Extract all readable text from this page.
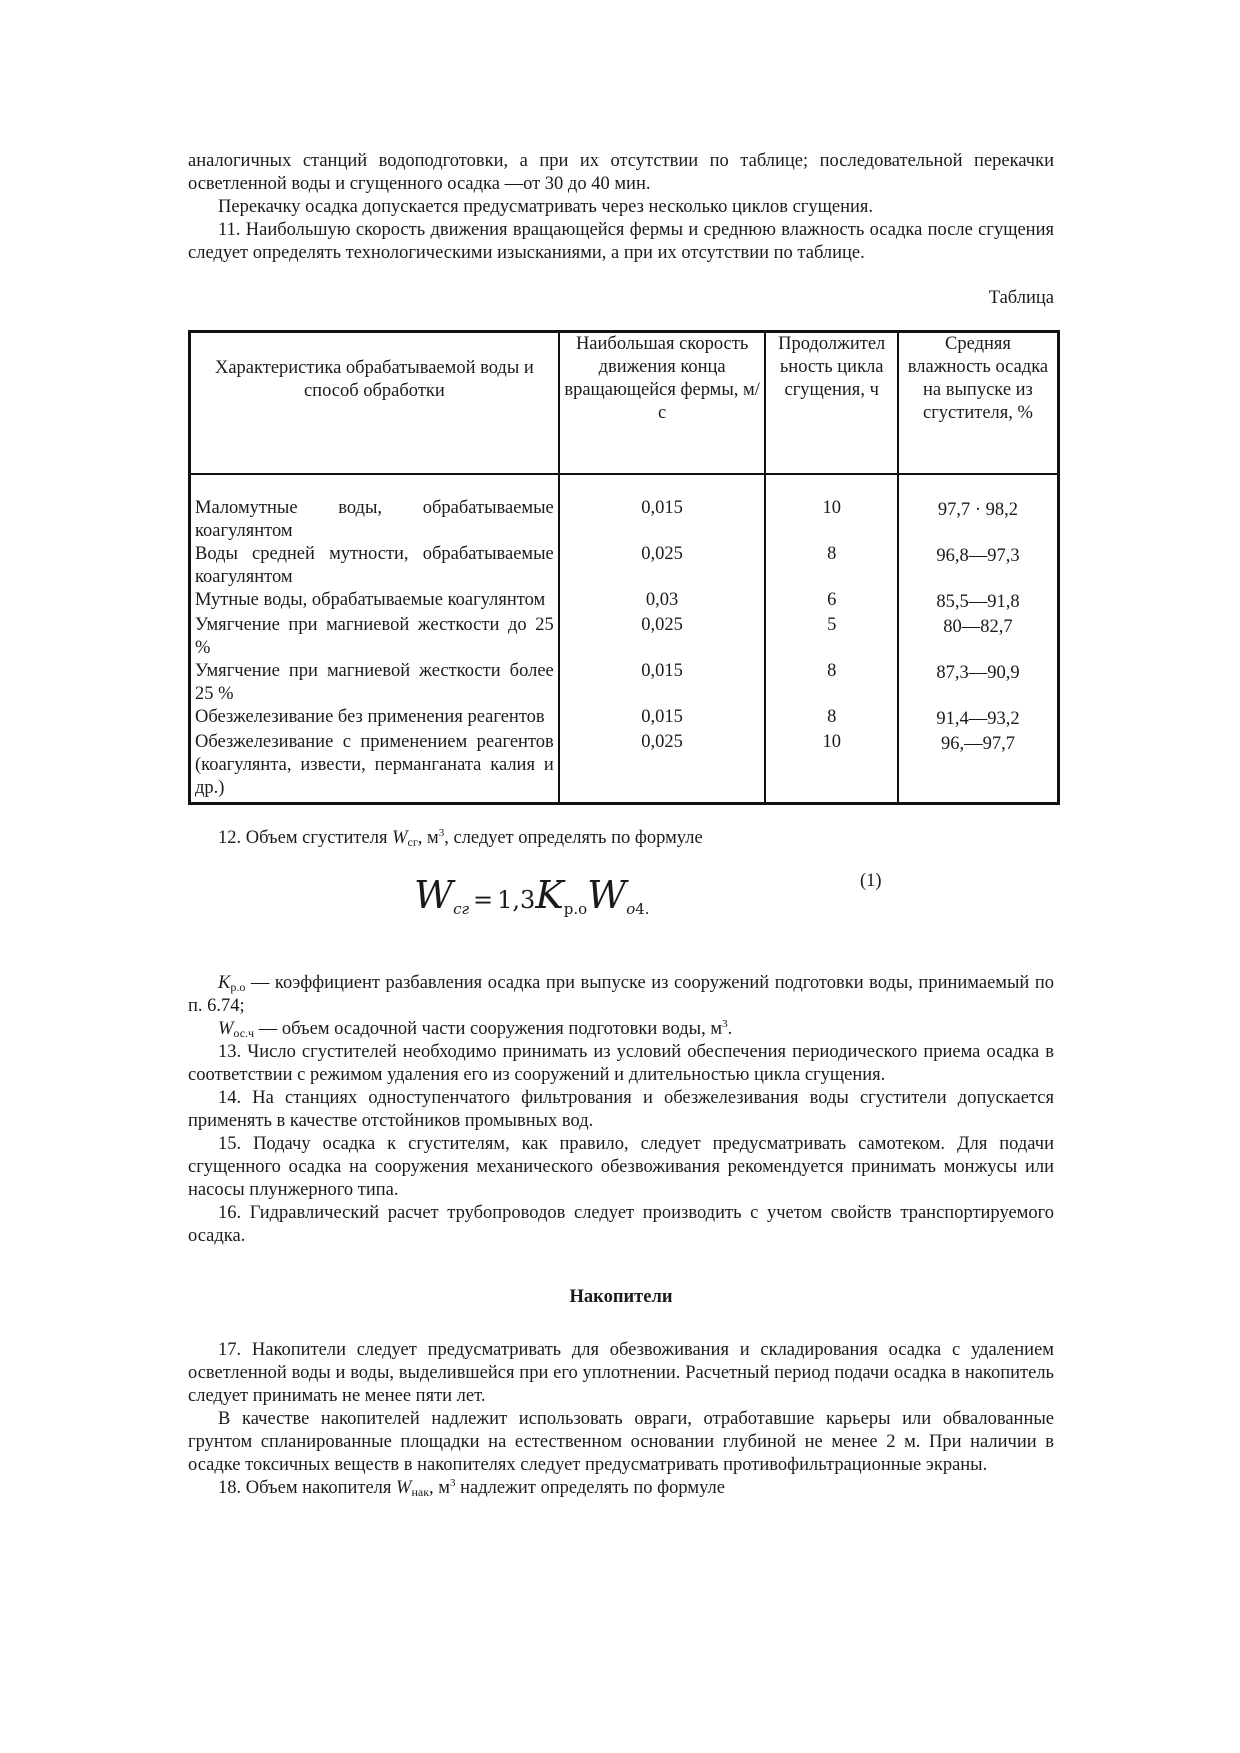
аналогичных станций водоподготовки, а при их отсутствии по таблице; последовательной перекачки осветленной воды и сгущенного осадка —от 30 до 40 мин.

Перекачку осадка допускается предусматривать через несколько циклов сгущения.

11. Наибольшую скорость движения вращающейся фермы и среднюю влажность осадка после сгущения следует определять технологическими изысканиями, а при их отсутствии по таблице.

Таблица
Характеристика обрабатываемой воды и способ обработки	Наибольшая скорость движения конца вращающейся фермы, м/с	Продолжител ьность цикла сгущения, ч	Средняя влажность осадка на выпуске из сгустителя, %

Маломутные воды, обрабатываемые коагулянтом	0,015	10	97,7 · 98,2
Воды средней мутности, обрабатываемые коагулянтом	0,025	8	96,8—97,3
Мутные воды, обрабатываемые коагулянтом	0,03	6	85,5—91,8
Умягчение при магниевой жесткости до 25 %	0,025	5	80—82,7
Умягчение при магниевой жесткости более 25 %	0,015	8	87,3—90,9
Обезжелезивание без применения реагентов	0,015	8	91,4—93,2
Обезжелезивание с применением реагентов (коагулянта, извести, перманганата калия и др.)	0,025	10	96,—97,7

12. Объем сгустителя $W_{сг}$, $м^3$, следует определять по формуле

$W_{сг} = 1,3K_{р.о}W_{о4.}$
(1)

$K_{р.о}$ — коэффициент разбавления осадка при выпуске из сооружений подготовки воды, принимаемый по п. 6.74;

$W_{ос.ч}$ — объем осадочной части сооружения подготовки воды, $м^3$.

13. Число сгустителей необходимо принимать из условий обеспечения периодического приема осадка в соответствии с режимом удаления его из сооружений и длительностью цикла сгущения.

14. На станциях одноступенчатого фильтрования и обезжелезивания воды сгустители допускается применять в качестве отстойников промывных вод.

15. Подачу осадка к сгустителям, как правило, следует предусматривать самотеком. Для подачи сгущенного осадка на сооружения механического обезвоживания рекомендуется принимать монжусы или насосы плунжерного типа.

16. Гидравлический расчет трубопроводов следует производить с учетом свойств транспортируемого осадка.

Накопители

17. Накопители следует предусматривать для обезвоживания и складирования осадка с удалением осветленной воды и воды, выделившейся при его уплотнении. Расчетный период подачи осадка в накопитель следует принимать не менее пяти лет.

В качестве накопителей надлежит использовать овраги, отработавшие карьеры или обвалованные грунтом спланированные площадки на естественном основании глубиной не менее 2 м. При наличии в осадке токсичных веществ в накопителях следует предусматривать противофильтрационные экраны.

18. Объем накопителя $W_{нак}$, $м^3$ надлежит определять по формуле
